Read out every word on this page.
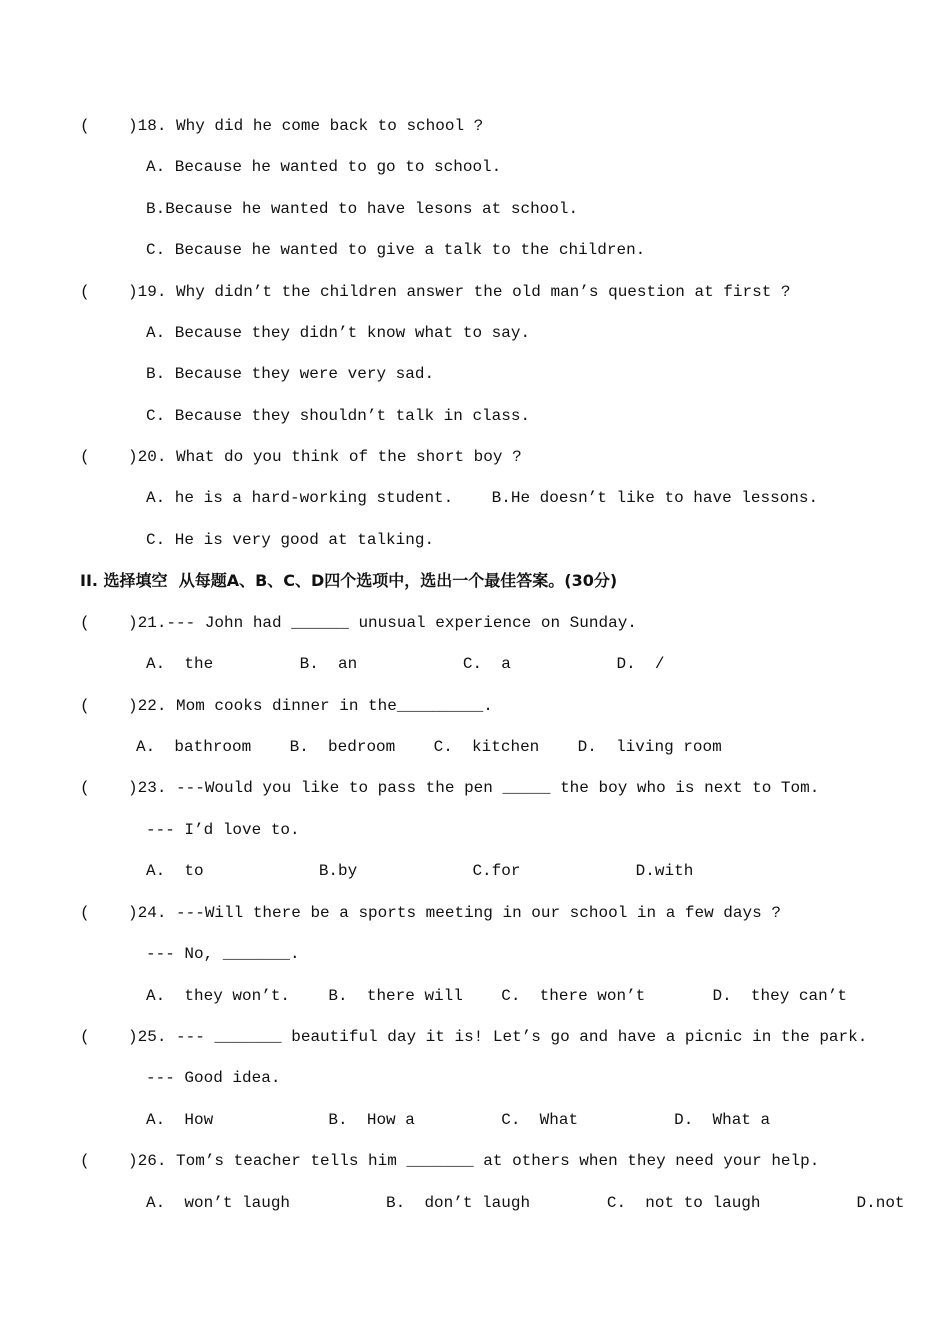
(    )18. Why did he come back to school ?
A. Because he wanted to go to school.
B.Because he wanted to have lesons at school.
C. Because he wanted to give a talk to the children.
(    )19. Why didn’t the children answer the old man’s question at first ?
A. Because they didn’t know what to say.
B. Because they were very sad.
C. Because they shouldn’t talk in class.
(    )20. What do you think of the short boy ?
A. he is a hard-working student.    B.He doesn’t like to have lessons.
C. He is very good at talking.
II. 选择填空  从每题A、B、C、D四个选项中，选出一个最佳答案。(30分)
(    )21.--- John had ______ unusual experience on Sunday.
A.  the         B.  an           C.  a           D.  /
(    )22. Mom cooks dinner in the_________.
A.  bathroom    B.  bedroom    C.  kitchen    D.  living room
(    )23. ---Would you like to pass the pen _____ the boy who is next to Tom.
--- I’d love to.
A.  to            B.by            C.for            D.with
(    )24. ---Will there be a sports meeting in our school in a few days ?
--- No, _______.
A.  they won’t.    B.  there will    C.  there won’t       D.  they can’t
(    )25. --- _______ beautiful day it is! Let’s go and have a picnic in the park.
--- Good idea.
A.  How            B.  How a         C.  What          D.  What a
(    )26. Tom’s teacher tells him _______ at others when they need your help.
A.  won’t laugh          B.  don’t laugh        C.  not to laugh          D.not
